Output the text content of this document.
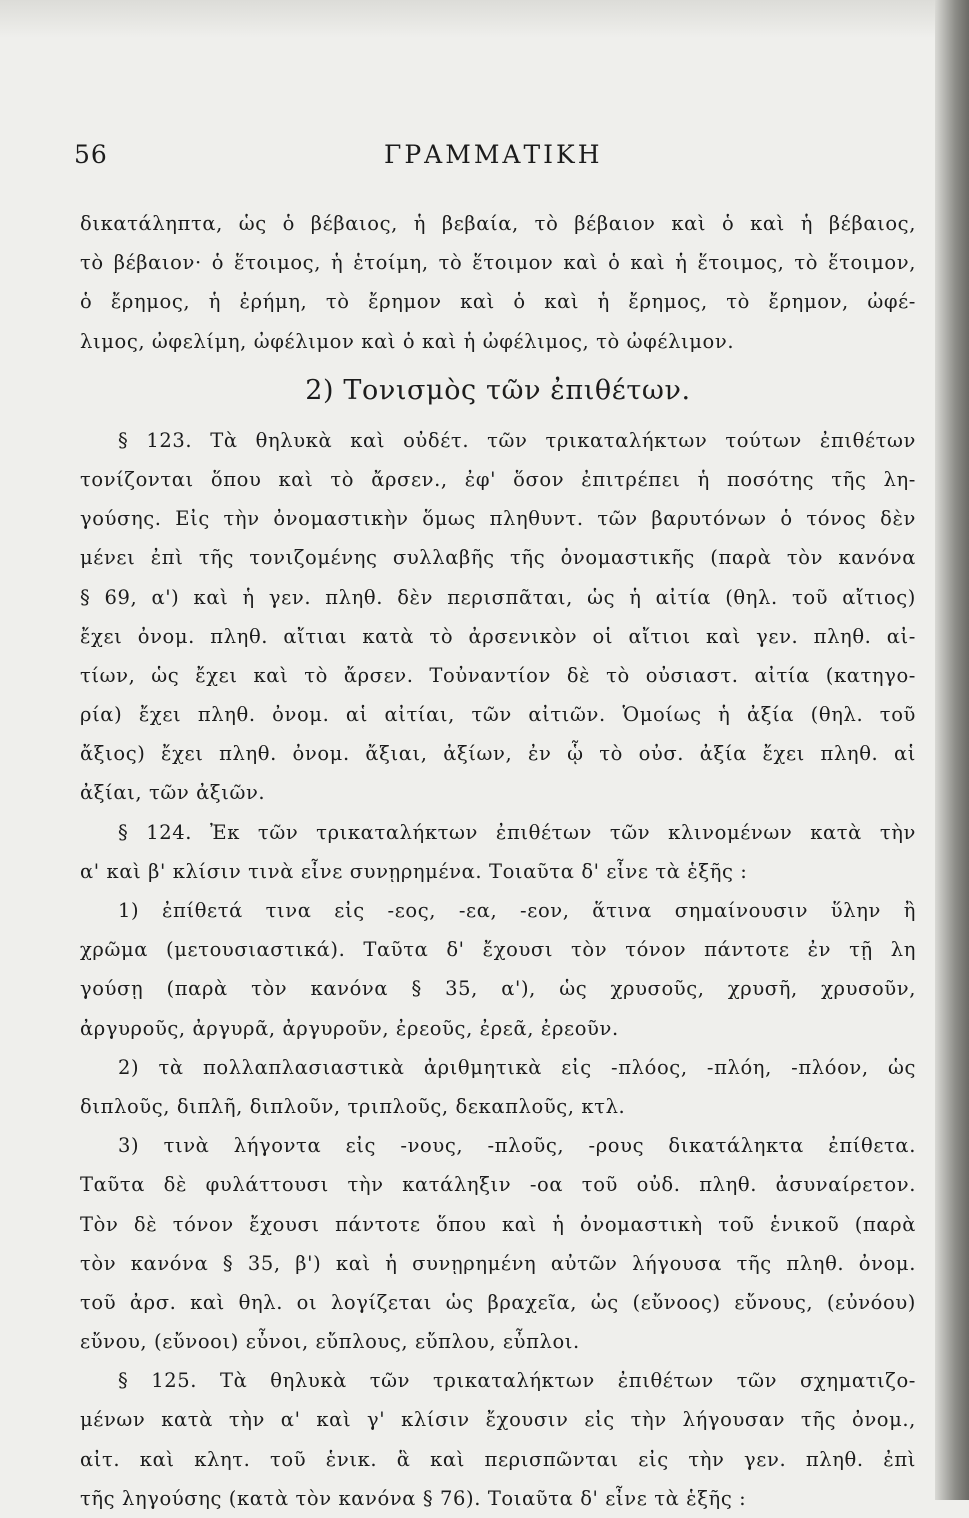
56	ΓΡΑΜΜΑΤΙΚΗ
δικατάληπτα, ὡς ὁ βέβαιος, ἡ βεβαία, τὸ βέβαιον καὶ ὁ καὶ ἡ βέβαιος,
τὸ βέβαιον· ὁ ἕτοιμος, ἡ ἑτοίμη, τὸ ἕτοιμον καὶ ὁ καὶ ἡ ἕτοιμος, τὸ ἕτοιμον,
ὁ ἔρημος, ἡ ἐρήμη, τὸ ἔρημον καὶ ὁ καὶ ἡ ἔρημος, τὸ ἔρημον, ὠφέ-
λιμος, ὠφελίμη, ὠφέλιμον καὶ ὁ καὶ ἡ ὠφέλιμος, τὸ ὠφέλιμον.
2) Τονισμὸς τῶν ἐπιθέτων.
§ 123. Τὰ θηλυκὰ καὶ οὐδέτ. τῶν τρικαταλήκτων τούτων ἐπιθέτων
τονίζονται ὅπου καὶ τὸ ἄρσεν., ἐφ' ὅσον ἐπιτρέπει ἡ ποσότης τῆς λη-
γούσης. Εἰς τὴν ὀνομαστικὴν ὅμως πληθυντ. τῶν βαρυτόνων ὁ τόνος δὲν
μένει ἐπὶ τῆς τονιζομένης συλλαβῆς τῆς ὀνομαστικῆς (παρὰ τὸν κανόνα
§ 69, α') καὶ ἡ γεν. πληθ. δὲν περισπᾶται, ὡς ἡ αἰτία (θηλ. τοῦ αἴτιος)
ἔχει ὀνομ. πληθ. αἴτιαι κατὰ τὸ ἀρσενικὸν οἱ αἴτιοι καὶ γεν. πληθ. αἰ-
τίων, ὡς ἔχει καὶ τὸ ἄρσεν. Τοὐναντίον δὲ τὸ οὐσιαστ. αἰτία (κατηγο-
ρία) ἔχει πληθ. ὀνομ. αἱ αἰτίαι, τῶν αἰτιῶν. Ὁμοίως ἡ ἀξία (θηλ. τοῦ
ἄξιος) ἔχει πληθ. ὀνομ. ἄξιαι, ἀξίων, ἐν ᾧ τὸ οὐσ. ἀξία ἔχει πληθ. αἱ
ἀξίαι, τῶν ἀξιῶν.
§ 124. Ἐκ τῶν τρικαταλήκτων ἐπιθέτων τῶν κλινομένων κατὰ τὴν
α' καὶ β' κλίσιν τινὰ εἶνε συνῃρημένα. Τοιαῦτα δ' εἶνε τὰ ἑξῆς :
1) ἐπίθετά τινα εἰς -εος, -εα, -εον, ἅτινα σημαίνουσιν ὕλην ἢ
χρῶμα (μετουσιαστικά). Ταῦτα δ' ἔχουσι τὸν τόνον πάντοτε ἐν τῇ λη
γούσῃ (παρὰ τὸν κανόνα § 35, α'), ὡς χρυσοῦς, χρυσῆ, χρυσοῦν,
ἀργυροῦς, ἀργυρᾶ, ἀργυροῦν, ἐρεοῦς, ἐρεᾶ, ἐρεοῦν.
2) τὰ πολλαπλασιαστικὰ ἀριθμητικὰ εἰς -πλόος, -πλόη, -πλόον, ὡς
διπλοῦς, διπλῆ, διπλοῦν, τριπλοῦς, δεκαπλοῦς, κτλ.
3) τινὰ λήγοντα εἰς -νους, -πλοῦς, -ρους δικατάληκτα ἐπίθετα.
Ταῦτα δὲ φυλάττουσι τὴν κατάληξιν -οα τοῦ οὐδ. πληθ. ἀσυναίρετον.
Τὸν δὲ τόνον ἔχουσι πάντοτε ὅπου καὶ ἡ ὀνομαστικὴ τοῦ ἑνικοῦ (παρὰ
τὸν κανόνα § 35, β') καὶ ἡ συνῃρημένη αὐτῶν λήγουσα τῆς πληθ. ὀνομ.
τοῦ ἀρσ. καὶ θηλ. οι λογίζεται ὡς βραχεῖα, ὡς (εὔνοος) εὔνους, (εὐνόου)
εὔνου, (εὔνοοι) εὖνοι, εὔπλους, εὔπλου, εὖπλοι.
§ 125. Τὰ θηλυκὰ τῶν τρικαταλήκτων ἐπιθέτων τῶν σχηματιζο-
μένων κατὰ τὴν α' καὶ γ' κλίσιν ἔχουσιν εἰς τὴν λήγουσαν τῆς ὀνομ.,
αἰτ. καὶ κλητ. τοῦ ἑνικ. ἃ καὶ περισπῶνται εἰς τὴν γεν. πληθ. ἐπὶ
τῆς ληγούσης (κατὰ τὸν κανόνα § 76). Τοιαῦτα δ' εἶνε τὰ ἑξῆς :
